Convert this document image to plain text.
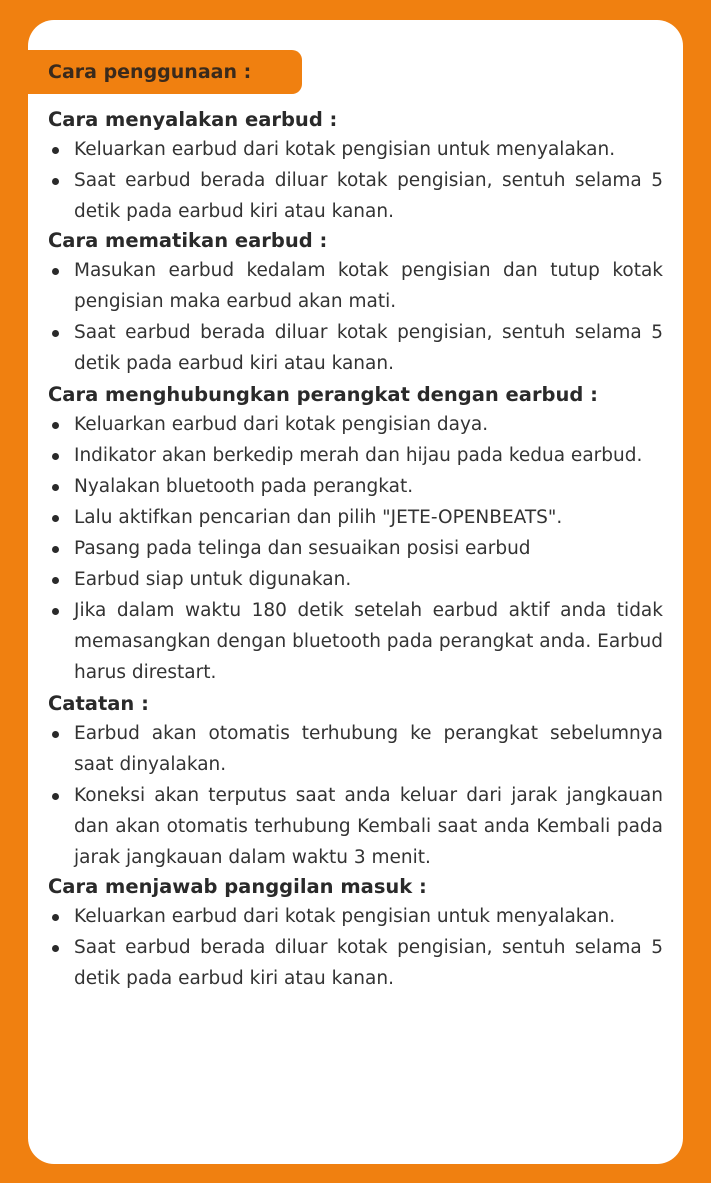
Cara penggunaan :
Cara menyalakan earbud :
Keluarkan earbud dari kotak pengisian untuk menyalakan.
Saat earbud berada diluar kotak pengisian, sentuh selama 5 detik pada earbud kiri atau kanan.
Cara mematikan earbud :
Masukan earbud kedalam kotak pengisian dan tutup kotak pengisian maka earbud akan mati.
Saat earbud berada diluar kotak pengisian, sentuh selama 5 detik pada earbud kiri atau kanan.
Cara menghubungkan perangkat dengan earbud :
Keluarkan earbud dari kotak pengisian daya.
Indikator akan berkedip merah dan hijau pada kedua earbud.
Nyalakan bluetooth pada perangkat.
Lalu aktifkan pencarian dan pilih "JETE-OPENBEATS".
Pasang pada telinga dan sesuaikan posisi earbud
Earbud siap untuk digunakan.
Jika dalam waktu 180 detik setelah earbud aktif anda tidak memasangkan dengan bluetooth pada perangkat anda. Earbud harus direstart.
Catatan :
Earbud akan otomatis terhubung ke perangkat sebelumnya saat dinyalakan.
Koneksi akan terputus saat anda keluar dari jarak jangkauan dan akan otomatis terhubung Kembali saat anda Kembali pada jarak jangkauan dalam waktu 3 menit.
Cara menjawab panggilan masuk :
Keluarkan earbud dari kotak pengisian untuk menyalakan.
Saat earbud berada diluar kotak pengisian, sentuh selama 5 detik pada earbud kiri atau kanan.
